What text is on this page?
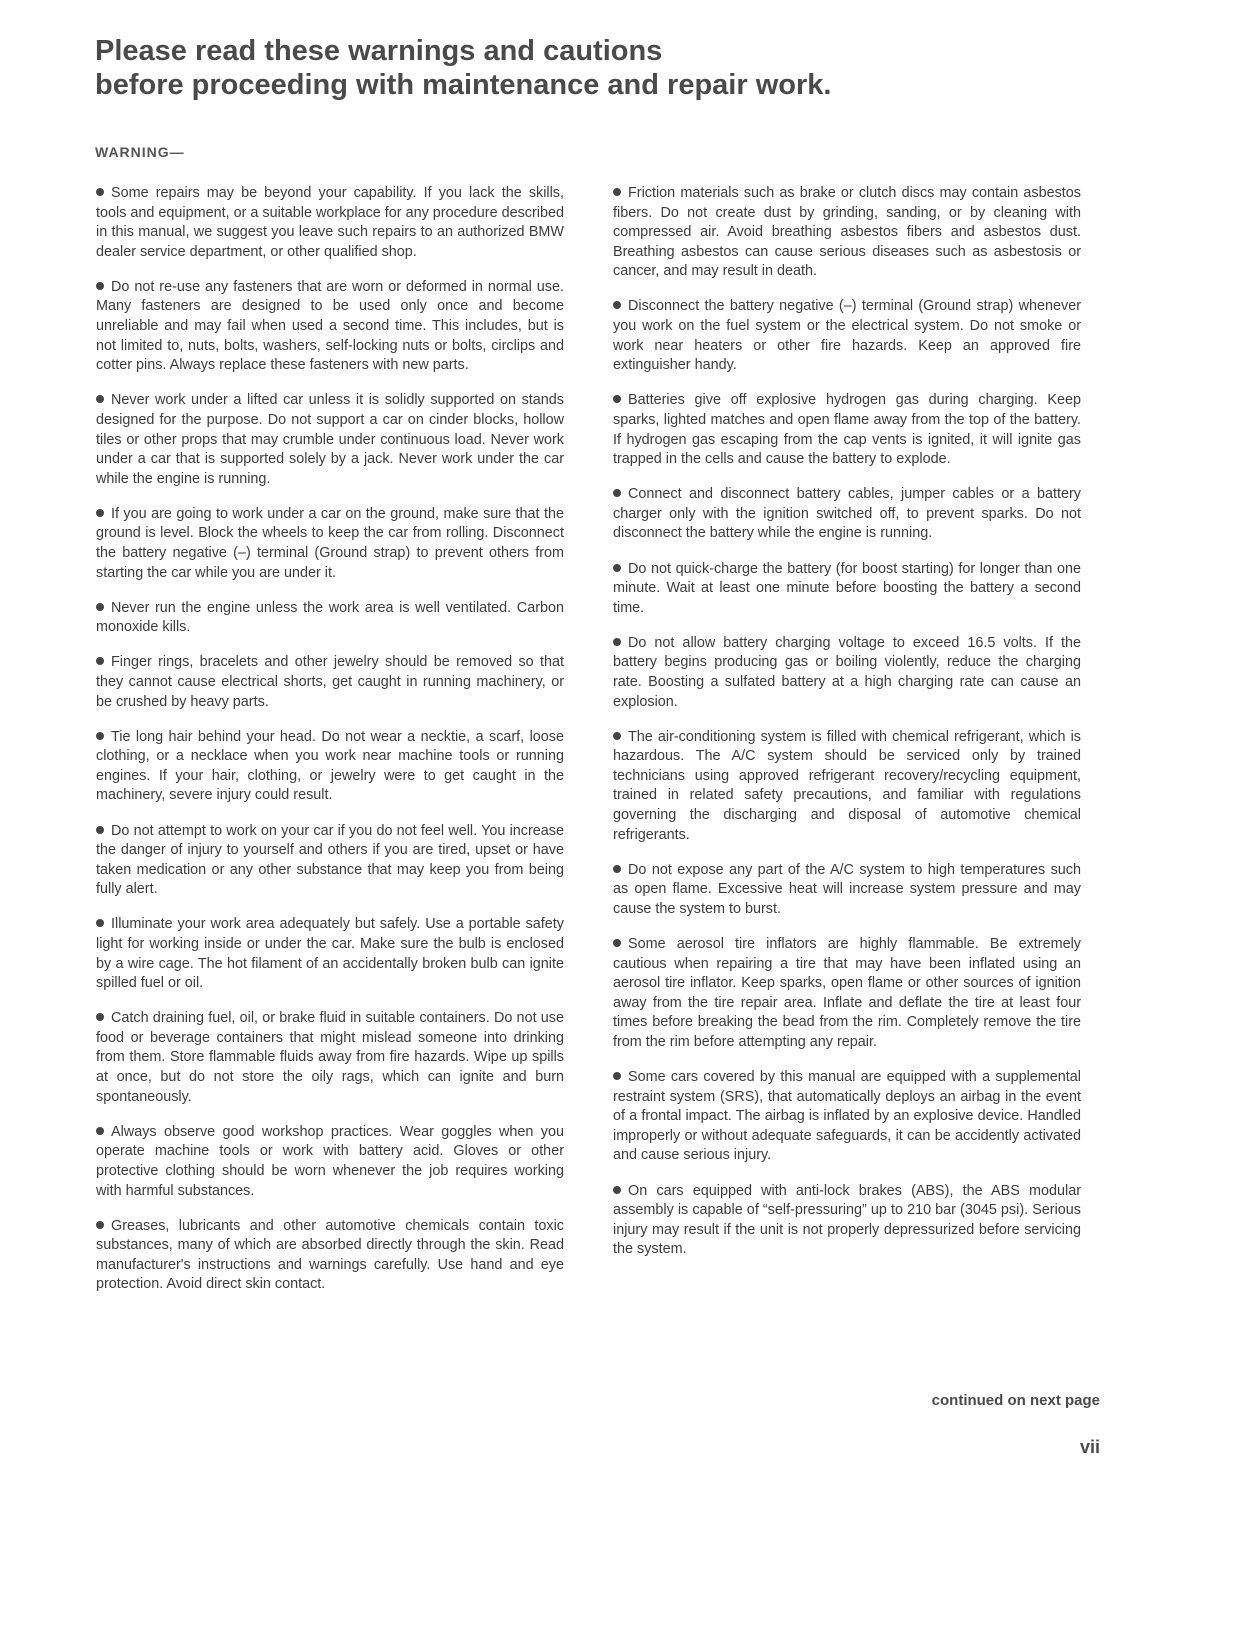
Please read these warnings and cautions
before proceeding with maintenance and repair work.

WARNING—

Some repairs may be beyond your capability. If you lack the skills, tools and equipment, or a suitable workplace for any procedure described in this manual, we suggest you leave such repairs to an authorized BMW dealer service department, or other qualified shop.

Do not re-use any fasteners that are worn or deformed in normal use. Many fasteners are designed to be used only once and become unreliable and may fail when used a second time. This includes, but is not limited to, nuts, bolts, washers, self-locking nuts or bolts, circlips and cotter pins. Always replace these fasteners with new parts.

Never work under a lifted car unless it is solidly supported on stands designed for the purpose. Do not support a car on cinder blocks, hollow tiles or other props that may crumble under continuous load. Never work under a car that is supported solely by a jack. Never work under the car while the engine is running.

If you are going to work under a car on the ground, make sure that the ground is level. Block the wheels to keep the car from rolling. Disconnect the battery negative (–) terminal (Ground strap) to prevent others from starting the car while you are under it.

Never run the engine unless the work area is well ventilated. Carbon monoxide kills.

Finger rings, bracelets and other jewelry should be removed so that they cannot cause electrical shorts, get caught in running machinery, or be crushed by heavy parts.

Tie long hair behind your head. Do not wear a necktie, a scarf, loose clothing, or a necklace when you work near machine tools or running engines. If your hair, clothing, or jewelry were to get caught in the machinery, severe injury could result.

Do not attempt to work on your car if you do not feel well. You increase the danger of injury to yourself and others if you are tired, upset or have taken medication or any other substance that may keep you from being fully alert.

Illuminate your work area adequately but safely. Use a portable safety light for working inside or under the car. Make sure the bulb is enclosed by a wire cage. The hot filament of an accidentally broken bulb can ignite spilled fuel or oil.

Catch draining fuel, oil, or brake fluid in suitable containers. Do not use food or beverage containers that might mislead someone into drinking from them. Store flammable fluids away from fire hazards. Wipe up spills at once, but do not store the oily rags, which can ignite and burn spontaneously.

Always observe good workshop practices. Wear goggles when you operate machine tools or work with battery acid. Gloves or other protective clothing should be worn whenever the job requires working with harmful substances.

Greases, lubricants and other automotive chemicals contain toxic substances, many of which are absorbed directly through the skin. Read manufacturer's instructions and warnings carefully. Use hand and eye protection. Avoid direct skin contact.

Friction materials such as brake or clutch discs may contain asbestos fibers. Do not create dust by grinding, sanding, or by cleaning with compressed air. Avoid breathing asbestos fibers and asbestos dust. Breathing asbestos can cause serious diseases such as asbestosis or cancer, and may result in death.

Disconnect the battery negative (–) terminal (Ground strap) whenever you work on the fuel system or the electrical system. Do not smoke or work near heaters or other fire hazards. Keep an approved fire extinguisher handy.

Batteries give off explosive hydrogen gas during charging. Keep sparks, lighted matches and open flame away from the top of the battery. If hydrogen gas escaping from the cap vents is ignited, it will ignite gas trapped in the cells and cause the battery to explode.

Connect and disconnect battery cables, jumper cables or a battery charger only with the ignition switched off, to prevent sparks. Do not disconnect the battery while the engine is running.

Do not quick-charge the battery (for boost starting) for longer than one minute. Wait at least one minute before boosting the battery a second time.

Do not allow battery charging voltage to exceed 16.5 volts. If the battery begins producing gas or boiling violently, reduce the charging rate. Boosting a sulfated battery at a high charging rate can cause an explosion.

The air-conditioning system is filled with chemical refrigerant, which is hazardous. The A/C system should be serviced only by trained technicians using approved refrigerant recovery/recycling equipment, trained in related safety precautions, and familiar with regulations governing the discharging and disposal of automotive chemical refrigerants.

Do not expose any part of the A/C system to high temperatures such as open flame. Excessive heat will increase system pressure and may cause the system to burst.

Some aerosol tire inflators are highly flammable. Be extremely cautious when repairing a tire that may have been inflated using an aerosol tire inflator. Keep sparks, open flame or other sources of ignition away from the tire repair area. Inflate and deflate the tire at least four times before breaking the bead from the rim. Completely remove the tire from the rim before attempting any repair.

Some cars covered by this manual are equipped with a supplemental restraint system (SRS), that automatically deploys an airbag in the event of a frontal impact. The airbag is inflated by an explosive device. Handled improperly or without adequate safeguards, it can be accidently activated and cause serious injury.

On cars equipped with anti-lock brakes (ABS), the ABS modular assembly is capable of “self-pressuring” up to 210 bar (3045 psi). Serious injury may result if the unit is not properly depressurized before servicing the system.

continued on next page

vii
